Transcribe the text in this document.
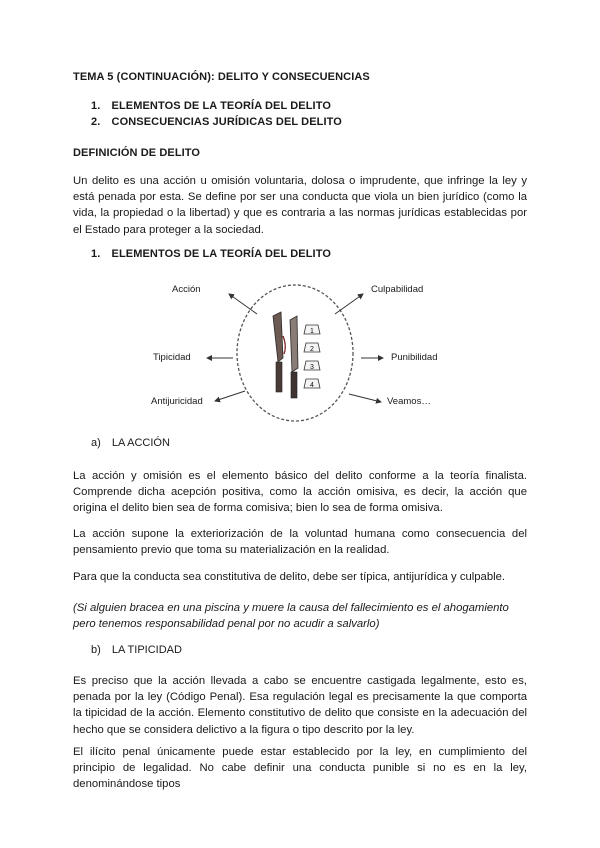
TEMA 5 (CONTINUACIÓN): DELITO Y CONSECUENCIAS
1. ELEMENTOS DE LA TEORÍA DEL DELITO
2. CONSECUENCIAS JURÍDICAS DEL DELITO
DEFINICIÓN DE DELITO
Un delito es una acción u omisión voluntaria, dolosa o imprudente, que infringe la ley y está penada por esta. Se define por ser una conducta que viola un bien jurídico (como la vida, la propiedad o la libertad) y que es contraria a las normas jurídicas establecidas por el Estado para proteger a la sociedad.
1. ELEMENTOS DE LA TEORÍA DEL DELITO
1
2
3
4
Acción
Tipicidad
Antijuricidad
Culpabilidad
Punibilidad
Veamos…
a) LA ACCIÓN
La acción y omisión es el elemento básico del delito conforme a la teoría finalista. Comprende dicha acepción positiva, como la acción omisiva, es decir, la acción que origina el delito bien sea de forma comisiva; bien lo sea de forma omisiva.
La acción supone la exteriorización de la voluntad humana como consecuencia del pensamiento previo que toma su materialización en la realidad.
Para que la conducta sea constitutiva de delito, debe ser típica, antijurídica y culpable.
(Si alguien bracea en una piscina y muere la causa del fallecimiento es el ahogamiento pero tenemos responsabilidad penal por no acudir a salvarlo)
b) LA TIPICIDAD
Es preciso que la acción llevada a cabo se encuentre castigada legalmente, esto es, penada por la ley (Código Penal). Esa regulación legal es precisamente la que comporta la tipicidad de la acción. Elemento constitutivo de delito que consiste en la adecuación del hecho que se considera delictivo a la figura o tipo descrito por la ley.
El ilícito penal únicamente puede estar establecido por la ley, en cumplimiento del principio de legalidad. No cabe definir una conducta punible si no es en la ley, denominándose tipos
